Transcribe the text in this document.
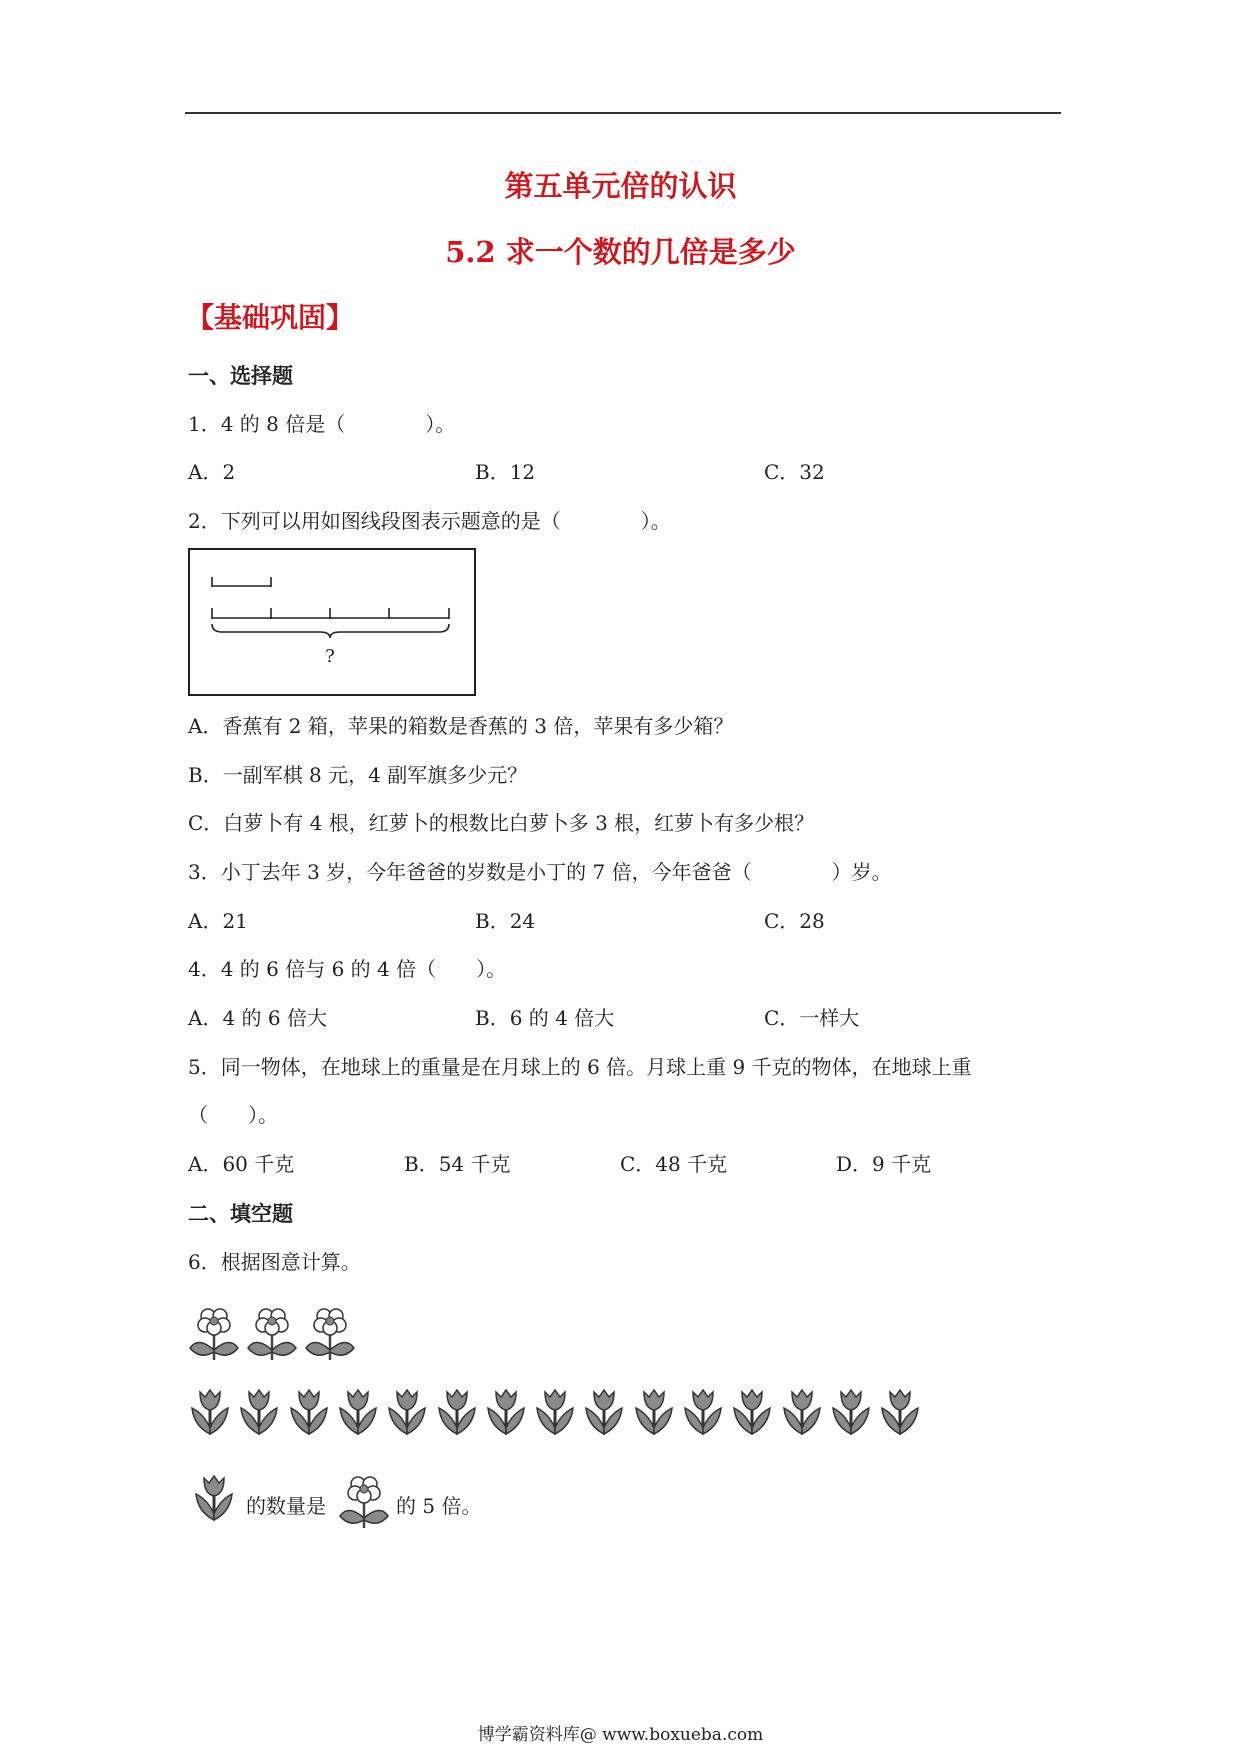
第五单元倍的认识
5.2 求一个数的几倍是多少
【基础巩固】
一、选择题
1．4 的 8 倍是（　　　　）。
A．2	B．12	C．32
2．下列可以用如图线段图表示题意的是（　　　　）。
?
A．香蕉有 2 箱，苹果的箱数是香蕉的 3 倍，苹果有多少箱？
B．一副军棋 8 元，4 副军旗多少元？
C．白萝卜有 4 根，红萝卜的根数比白萝卜多 3 根，红萝卜有多少根？
3．小丁去年 3 岁，今年爸爸的岁数是小丁的 7 倍，今年爸爸（　　　　）岁。
A．21	B．24	C．28
4．4 的 6 倍与 6 的 4 倍（　　）。
A．4 的 6 倍大	B．6 的 4 倍大	C．一样大
5．同一物体，在地球上的重量是在月球上的 6 倍。月球上重 9 千克的物体，在地球上重
（　　）。
A．60 千克	B．54 千克	C．48 千克	D．9 千克
二、填空题
6．根据图意计算。
的数量是	的 5 倍。
博学霸资料库@ www.boxueba.com
